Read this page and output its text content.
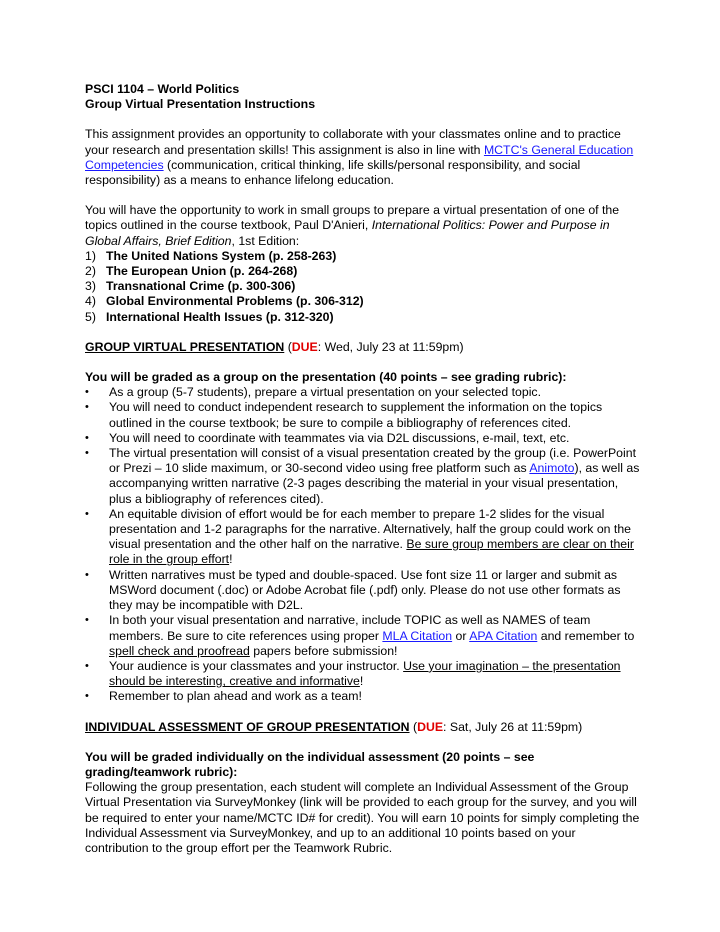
PSCI 1104 – World Politics

Group Virtual Presentation Instructions

This assignment provides an opportunity to collaborate with your classmates online and to practice your research and presentation skills! This assignment is also in line with MCTC's General Education Competencies (communication, critical thinking, life skills/personal responsibility, and social responsibility) as a means to enhance lifelong education.

You will have the opportunity to work in small groups to prepare a virtual presentation of one of the topics outlined in the course textbook, Paul D'Anieri, International Politics: Power and Purpose in Global Affairs, Brief Edition, 1st Edition:

1) The United Nations System (p. 258-263)
2) The European Union (p. 264-268)
3) Transnational Crime (p. 300-306)
4) Global Environmental Problems (p. 306-312)
5) International Health Issues (p. 312-320)

GROUP VIRTUAL PRESENTATION (DUE: Wed, July 23 at 11:59pm)

You will be graded as a group on the presentation (40 points – see grading rubric):

•	As a group (5-7 students), prepare a virtual presentation on your selected topic.
•	You will need to conduct independent research to supplement the information on the topics outlined in the course textbook; be sure to compile a bibliography of references cited.
•	You will need to coordinate with teammates via via D2L discussions, e-mail, text, etc.
•	The virtual presentation will consist of a visual presentation created by the group (i.e. PowerPoint or Prezi – 10 slide maximum, or 30-second video using free platform such as Animoto), as well as accompanying written narrative (2-3 pages describing the material in your visual presentation, plus a bibliography of references cited).
•	An equitable division of effort would be for each member to prepare 1-2 slides for the visual presentation and 1-2 paragraphs for the narrative. Alternatively, half the group could work on the visual presentation and the other half on the narrative. Be sure group members are clear on their role in the group effort!
•	Written narratives must be typed and double-spaced. Use font size 11 or larger and submit as MSWord document (.doc) or Adobe Acrobat file (.pdf) only. Please do not use other formats as they may be incompatible with D2L.
•	In both your visual presentation and narrative, include TOPIC as well as NAMES of team members. Be sure to cite references using proper MLA Citation or APA Citation and remember to spell check and proofread papers before submission!
•	Your audience is your classmates and your instructor. Use your imagination – the presentation should be interesting, creative and informative!
•	Remember to plan ahead and work as a team!

INDIVIDUAL ASSESSMENT OF GROUP PRESENTATION (DUE: Sat, July 26 at 11:59pm)

You will be graded individually on the individual assessment (20 points – see grading/teamwork rubric):

Following the group presentation, each student will complete an Individual Assessment of the Group Virtual Presentation via SurveyMonkey (link will be provided to each group for the survey, and you will be required to enter your name/MCTC ID# for credit). You will earn 10 points for simply completing the Individual Assessment via SurveyMonkey, and up to an additional 10 points based on your contribution to the group effort per the Teamwork Rubric.
